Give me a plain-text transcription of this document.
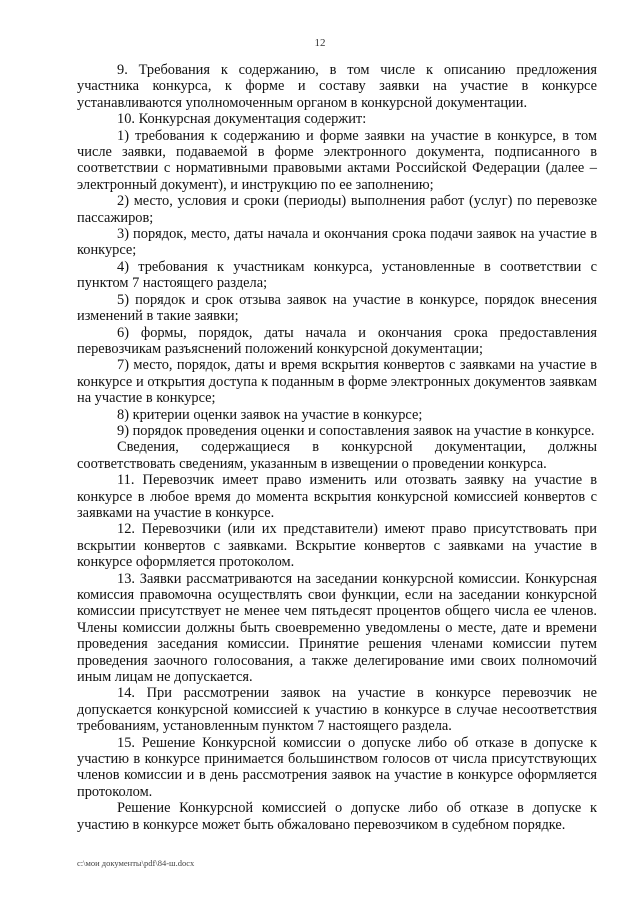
12

9. Требования к содержанию, в том числе к описанию предложения участника конкурса, к форме и составу заявки на участие в конкурсе устанавливаются уполномоченным органом в конкурсной документации.

10. Конкурсная документация содержит:

1) требования к содержанию и форме заявки на участие в конкурсе, в том числе заявки, подаваемой в форме электронного документа, подписанного в соответствии с нормативными правовыми актами Российской Федерации (далее – электронный документ), и инструкцию по ее заполнению;

2) место, условия и сроки (периоды) выполнения работ (услуг) по перевозке пассажиров;

3) порядок, место, даты начала и окончания срока подачи заявок на участие в конкурсе;

4) требования к участникам конкурса, установленные в соответствии с пунктом 7 настоящего раздела;

5) порядок и срок отзыва заявок на участие в конкурсе, порядок внесения изменений в такие заявки;

6) формы, порядок, даты начала и окончания срока предоставления перевозчикам разъяснений положений конкурсной документации;

7) место, порядок, даты и время вскрытия конвертов с заявками на участие в конкурсе и открытия доступа к поданным в форме электронных документов заявкам на участие в конкурсе;

8) критерии оценки заявок на участие в конкурсе;

9) порядок проведения оценки и сопоставления заявок на участие в конкурсе.

Сведения, содержащиеся в конкурсной документации, должны соответствовать сведениям, указанным в извещении о проведении конкурса.

11. Перевозчик имеет право изменить или отозвать заявку на участие в конкурсе в любое время до момента вскрытия конкурсной комиссией конвертов с заявками на участие в конкурсе.

12. Перевозчики (или их представители) имеют право присутствовать при вскрытии конвертов с заявками. Вскрытие конвертов с заявками на участие в конкурсе оформляется протоколом.

13. Заявки рассматриваются на заседании конкурсной комиссии. Конкурсная комиссия правомочна осуществлять свои функции, если на заседании конкурсной комиссии присутствует не менее чем пятьдесят процентов общего числа ее членов. Члены комиссии должны быть своевременно уведомлены о месте, дате и времени проведения заседания комиссии. Принятие решения членами комиссии путем проведения заочного голосования, а также делегирование ими своих полномочий иным лицам не допускается.

14. При рассмотрении заявок на участие в конкурсе перевозчик не допускается конкурсной комиссией к участию в конкурсе в случае несоответствия требованиям, установленным пунктом 7 настоящего раздела.

15. Решение Конкурсной комиссии о допуске либо об отказе в допуске к участию в конкурсе принимается большинством голосов от числа присутствующих членов комиссии и в день рассмотрения заявок на участие в конкурсе оформляется протоколом.

Решение Конкурсной комиссией о допуске либо об отказе в допуске к участию в конкурсе может быть обжаловано перевозчиком в судебном порядке.

c:\мои документы\pdf\84-ш.docx
